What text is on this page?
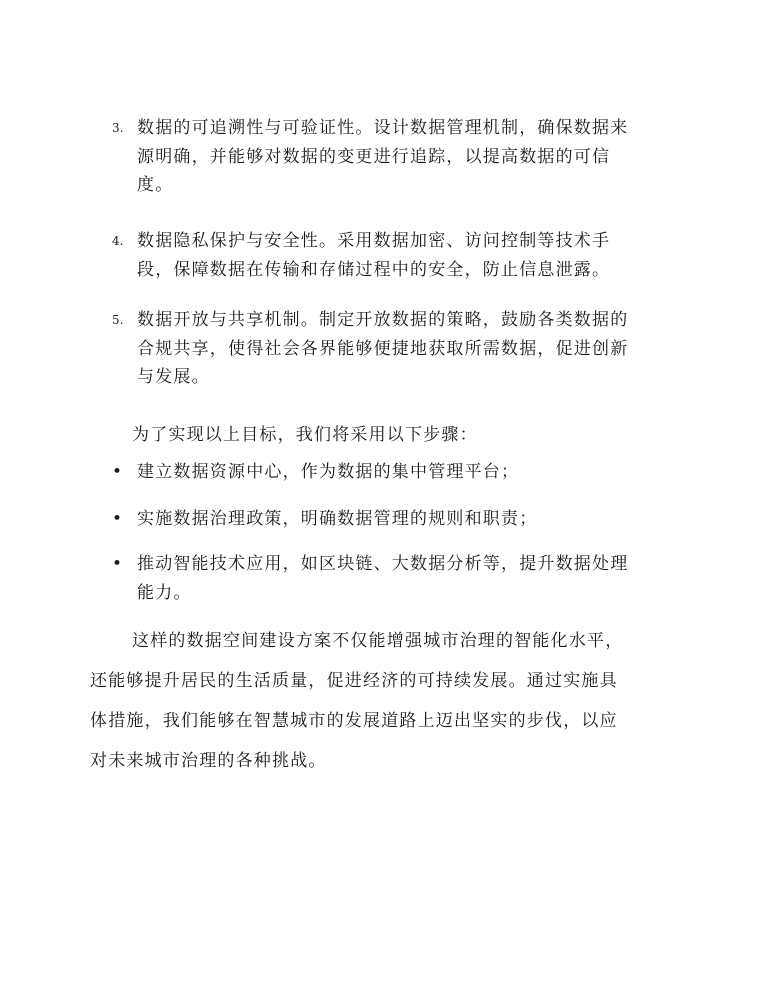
3. 数据的可追溯性与可验证性。设计数据管理机制，确保数据来
源明确，并能够对数据的变更进行追踪，以提高数据的可信
度。
4. 数据隐私保护与安全性。采用数据加密、访问控制等技术手
段，保障数据在传输和存储过程中的安全，防止信息泄露。
5. 数据开放与共享机制。制定开放数据的策略，鼓励各类数据的
合规共享，使得社会各界能够便捷地获取所需数据，促进创新
与发展。
为了实现以上目标，我们将采用以下步骤：
• 建立数据资源中心，作为数据的集中管理平台；
• 实施数据治理政策，明确数据管理的规则和职责；
• 推动智能技术应用，如区块链、大数据分析等，提升数据处理
能力。
这样的数据空间建设方案不仅能增强城市治理的智能化水平，
还能够提升居民的生活质量，促进经济的可持续发展。通过实施具
体措施，我们能够在智慧城市的发展道路上迈出坚实的步伐，以应
对未来城市治理的各种挑战。
